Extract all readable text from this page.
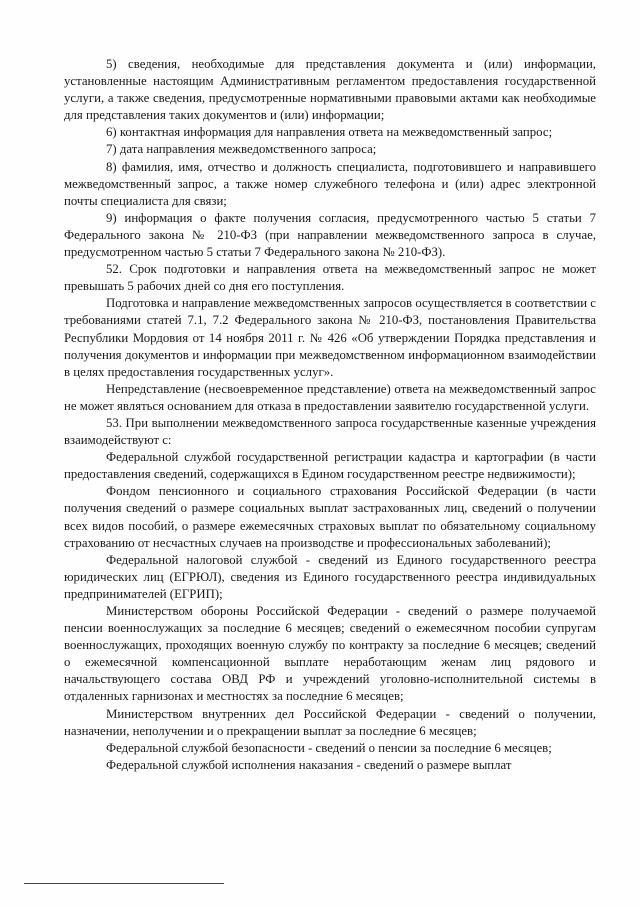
5) сведения, необходимые для представления документа и (или) информации, установленные настоящим Административным регламентом предоставления государственной услуги, а также сведения, предусмотренные нормативными правовыми актами как необходимые для представления таких документов и (или) информации;

6) контактная информация для направления ответа на межведомственный запрос;

7) дата направления межведомственного запроса;

8) фамилия, имя, отчество и должность специалиста, подготовившего и направившего межведомственный запрос, а также номер служебного телефона и (или) адрес электронной почты специалиста для связи;

9) информация о факте получения согласия, предусмотренного частью 5 статьи 7 Федерального закона № 210-ФЗ (при направлении межведомственного запроса в случае, предусмотренном частью 5 статьи 7 Федерального закона № 210-ФЗ).

52. Срок подготовки и направления ответа на межведомственный запрос не может превышать 5 рабочих дней со дня его поступления.

Подготовка и направление межведомственных запросов осуществляется в соответствии с требованиями статей 7.1, 7.2 Федерального закона № 210-ФЗ, постановления Правительства Республики Мордовия от 14 ноября 2011 г. № 426 «Об утверждении Порядка представления и получения документов и информации при межведомственном информационном взаимодействии в целях предоставления государственных услуг».

Непредставление (несвоевременное представление) ответа на межведомственный запрос не может являться основанием для отказа в предоставлении заявителю государственной услуги.

53. При выполнении межведомственного запроса государственные казенные учреждения взаимодействуют с:

Федеральной службой государственной регистрации кадастра и картографии (в части предоставления сведений, содержащихся в Едином государственном реестре недвижимости);

Фондом пенсионного и социального страхования Российской Федерации (в части получения сведений о размере социальных выплат застрахованных лиц, сведений о получении всех видов пособий, о размере ежемесячных страховых выплат по обязательному социальному страхованию от несчастных случаев на производстве и профессиональных заболеваний);

Федеральной налоговой службой - сведений из Единого государственного реестра юридических лиц (ЕГРЮЛ), сведения из Единого государственного реестра индивидуальных предпринимателей (ЕГРИП);

Министерством обороны Российской Федерации - сведений о размере получаемой пенсии военнослужащих за последние 6 месяцев; сведений о ежемесячном пособии супругам военнослужащих, проходящих военную службу по контракту за последние 6 месяцев; сведений о ежемесячной компенсационной выплате неработающим женам лиц рядового и начальствующего состава ОВД РФ и учреждений уголовно-исполнительной системы в отдаленных гарнизонах и местностях за последние 6 месяцев;

Министерством внутренних дел Российской Федерации - сведений о получении, назначении, неполучении и о прекращении выплат за последние 6 месяцев;

Федеральной службой безопасности - сведений о пенсии за последние 6 месяцев;

Федеральной службой исполнения наказания - сведений о размере выплат
